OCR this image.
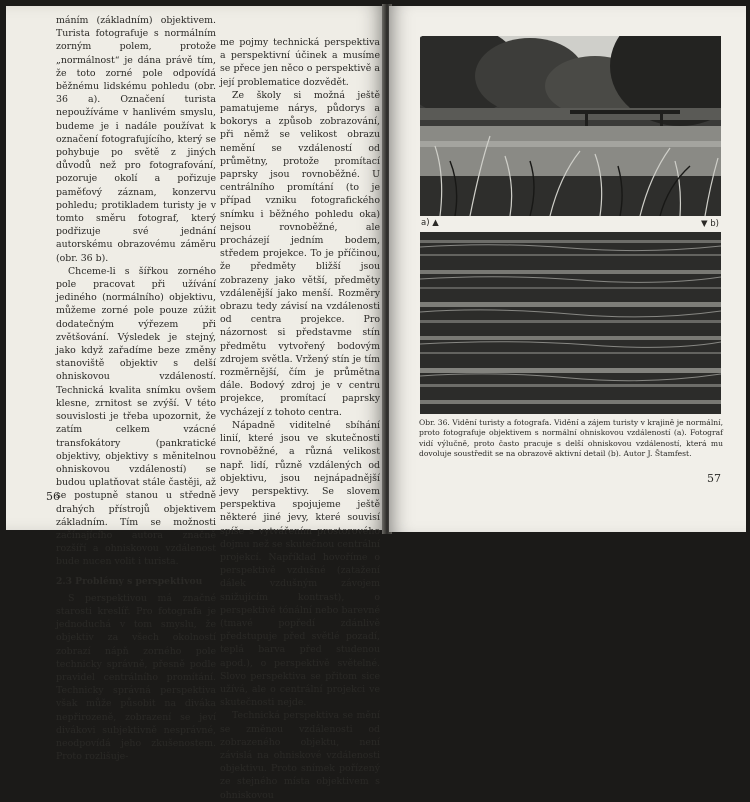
máním (základním) objektivem. Turista fotografuje s normálním zorným polem, protože „normálnost“ je dána právě tím, že toto zorné pole odpovídá běžnému lidskému pohledu (obr. 36 a). Označení turista nepoužíváme v hanlivém smyslu, budeme je i nadále používat k označení fotografujícího, který se pohybuje po světě z jiných důvodů než pro fotografování, pozoruje okolí a pořizuje paměťový záznam, konzervu pohledu; protikladem turisty je v tomto směru fotograf, který podřizuje své jednání autorskému obrazovému záměru (obr. 36 b).

Chceme-li s šířkou zorného pole pracovat při užívání jediného (normálního) objektivu, můžeme zorné pole pouze zúžit dodatečným výřezem při zvětšování. Výsledek je stejný, jako když zařadíme beze změny stanoviště objektiv s delší ohniskovou vzdáleností. Technická kvalita snímku ovšem klesne, zrnitost se zvýší. V této souvislosti je třeba upozornit, že zatím celkem vzácné transfokátory (pankratické objektivy, objektivy s měnitelnou ohniskovou vzdáleností) se budou uplatňovat stále častěji, až se postupně stanou u středně drahých přístrojů objektivem základním. Tím se možnosti začínajícího autora značně rozšíří a ohniskovou vzdálenost bude nucen volit i turista.

2.3 Problémy s perspektivou

S perspektivou má značné starosti kreslíř. Pro fotografa je jednoduchá v tom smyslu, že objektiv za všech okolností zobrazí nápň zorného pole technicky správně, přesně podle pravidel centrálního promítání. Technicky správná perspektiva však může působit na diváka nepřirozeně, zobrazení se jeví divákovi subjektivně nesprávné, neodpovídá jeho zkušenostem. Proto rozlišuje-

me pojmy technická perspektiva a perspektivní účinek a musíme se přece jen něco o perspektivě a její problematice dozvědět.

Ze školy si možná ještě pamatujeme nárys, půdorys a bokorys a způsob zobrazování, při němž se velikost obrazu nemění se vzdáleností od průmětny, protože promítací paprsky jsou rovnoběžné. U centrálního promítání (to je případ vzniku fotografického snímku i běžného pohledu oka) nejsou rovnoběžné, ale procházejí jedním bodem, středem projekce. To je příčinou, že předměty bližší jsou zobrazeny jako větší, předměty vzdálenější jako menší. Rozměry obrazu tedy závisí na vzdálenosti od centra projekce. Pro názornost si představme stín předmětu vytvořený bodovým zdrojem světla. Vržený stín je tím rozměrnější, čím je průmětna dále. Bodový zdroj je v centru projekce, promítací paprsky vycházejí z tohoto centra.

Nápadně viditelné sbíhání linií, které jsou ve skutečnosti rovnoběžné, a různá velikost např. lidí, různě vzdálených od objektivu, jsou nejnápadnější jevy perspektivy. Se slovem perspektiva spojujeme ještě některé jiné jevy, které souvisí spíše s vytvářením prostorového dojmu než se skutečnou centrální projekcí. Například hovoříme o perspektivě vzdušné (zatažení dálek vzdušným závojem snižujícím kontrast), o perspektivě tónální nebo barevné (tmavé popředí zdánlivě předstupuje před světlé pozadí, teplá barva před studenou apod.), o perspektivě světelné. Slovo perspektiva se přitom sice užívá, ale o centrální projekci ve skutečnosti nejde.

Technická perspektiva se mění se změnou vzdálenosti od zobrazeného objektu, není závislá na ohniskové vzdálenosti objektivu. Proto snímek pořízený ze stejného místa objektivem s ohniskovou

56
a) ▲	▼ b)
Obr. 36. Vidění turisty a fotografa. Vidění a zájem turisty v krajině je normální, proto fotografuje objektivem s normální ohniskovou vzdáleností (a). Fotograf vidí výlučně, proto často pracuje s delší ohniskovou vzdáleností, která mu dovoluje soustředit se na obrazově aktivní detail (b). Autor J. Štamfest.
57
